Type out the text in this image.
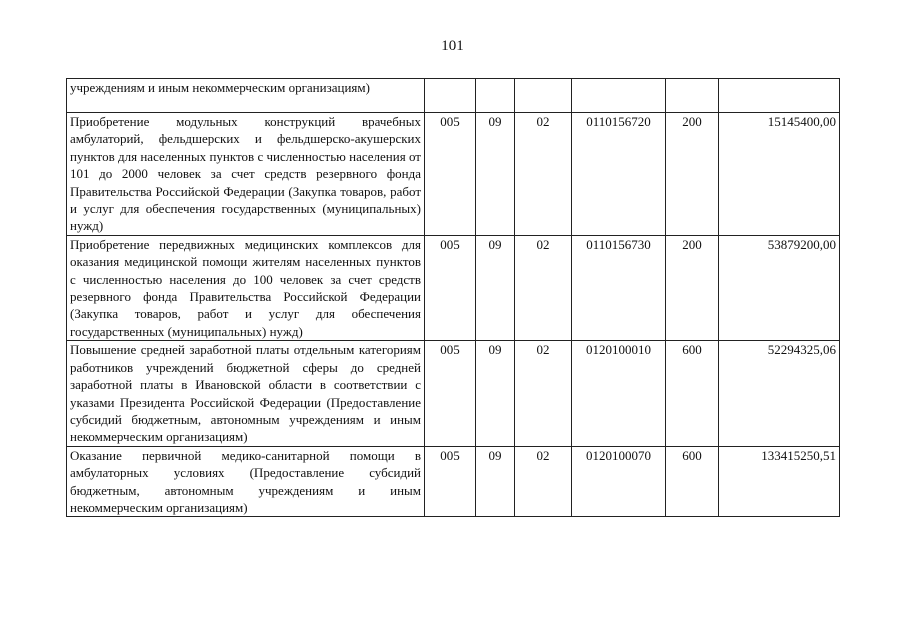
101
учреждениям и иным некоммерческим организациям)						
Приобретение модульных конструкций врачебных амбулаторий, фельдшерских и фельдшерско-акушерских пунктов для населенных пунктов с численностью населения от 101 до 2000 человек за счет средств резервного фонда Правительства Российской Федерации (Закупка товаров, работ и услуг для обеспечения государственных (муниципальных) нужд)	005	09	02	0110156720	200	15145400,00
Приобретение передвижных медицинских комплексов для оказания медицинской помощи жителям населенных пунктов с численностью населения до 100 человек за счет средств резервного фонда Правительства Российской Федерации (Закупка товаров, работ и услуг для обеспечения государственных (муниципальных) нужд)	005	09	02	0110156730	200	53879200,00
Повышение средней заработной платы отдельным категориям работников учреждений бюджетной сферы до средней заработной платы в Ивановской области в соответствии с указами Президента Российской Федерации (Предоставление субсидий бюджетным, автономным учреждениям и иным некоммерческим организациям)	005	09	02	0120100010	600	52294325,06
Оказание первичной медико-санитарной помощи в амбулаторных условиях (Предоставление субсидий бюджетным, автономным учреждениям и иным некоммерческим организациям)	005	09	02	0120100070	600	133415250,51
